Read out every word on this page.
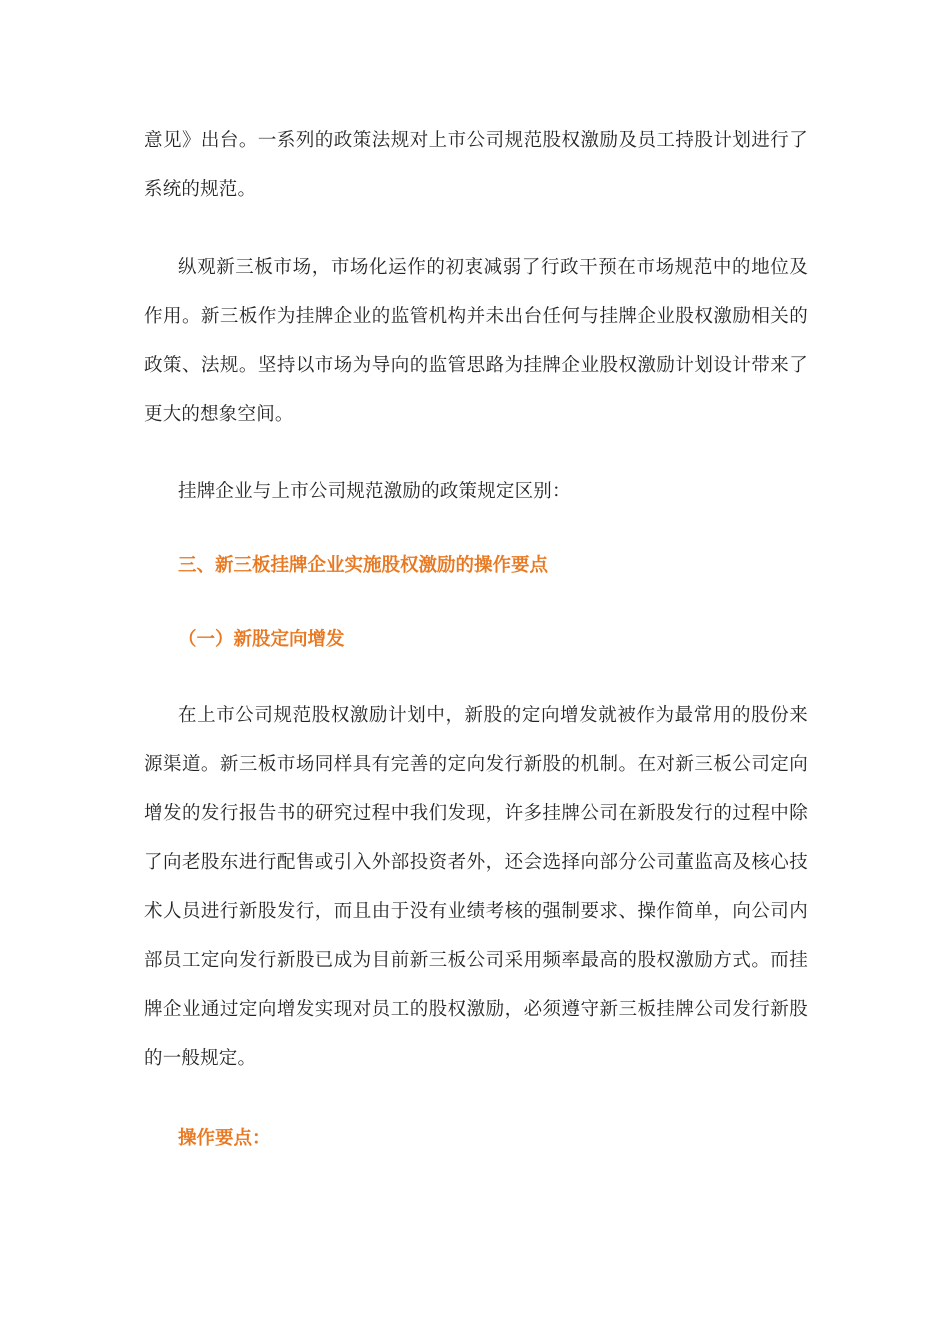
意见》出台。一系列的政策法规对上市公司规范股权激励及员工持股计划进行了
系统的规范。

纵观新三板市场，市场化运作的初衷减弱了行政干预在市场规范中的地位及
作用。新三板作为挂牌企业的监管机构并未出台任何与挂牌企业股权激励相关的
政策、法规。坚持以市场为导向的监管思路为挂牌企业股权激励计划设计带来了
更大的想象空间。

挂牌企业与上市公司规范激励的政策规定区别：

三、新三板挂牌企业实施股权激励的操作要点
（一）新股定向增发

在上市公司规范股权激励计划中，新股的定向增发就被作为最常用的股份来
源渠道。新三板市场同样具有完善的定向发行新股的机制。在对新三板公司定向
增发的发行报告书的研究过程中我们发现，许多挂牌公司在新股发行的过程中除
了向老股东进行配售或引入外部投资者外，还会选择向部分公司董监高及核心技
术人员进行新股发行，而且由于没有业绩考核的强制要求、操作简单，向公司内
部员工定向发行新股已成为目前新三板公司采用频率最高的股权激励方式。而挂
牌企业通过定向增发实现对员工的股权激励，必须遵守新三板挂牌公司发行新股
的一般规定。

操作要点：
